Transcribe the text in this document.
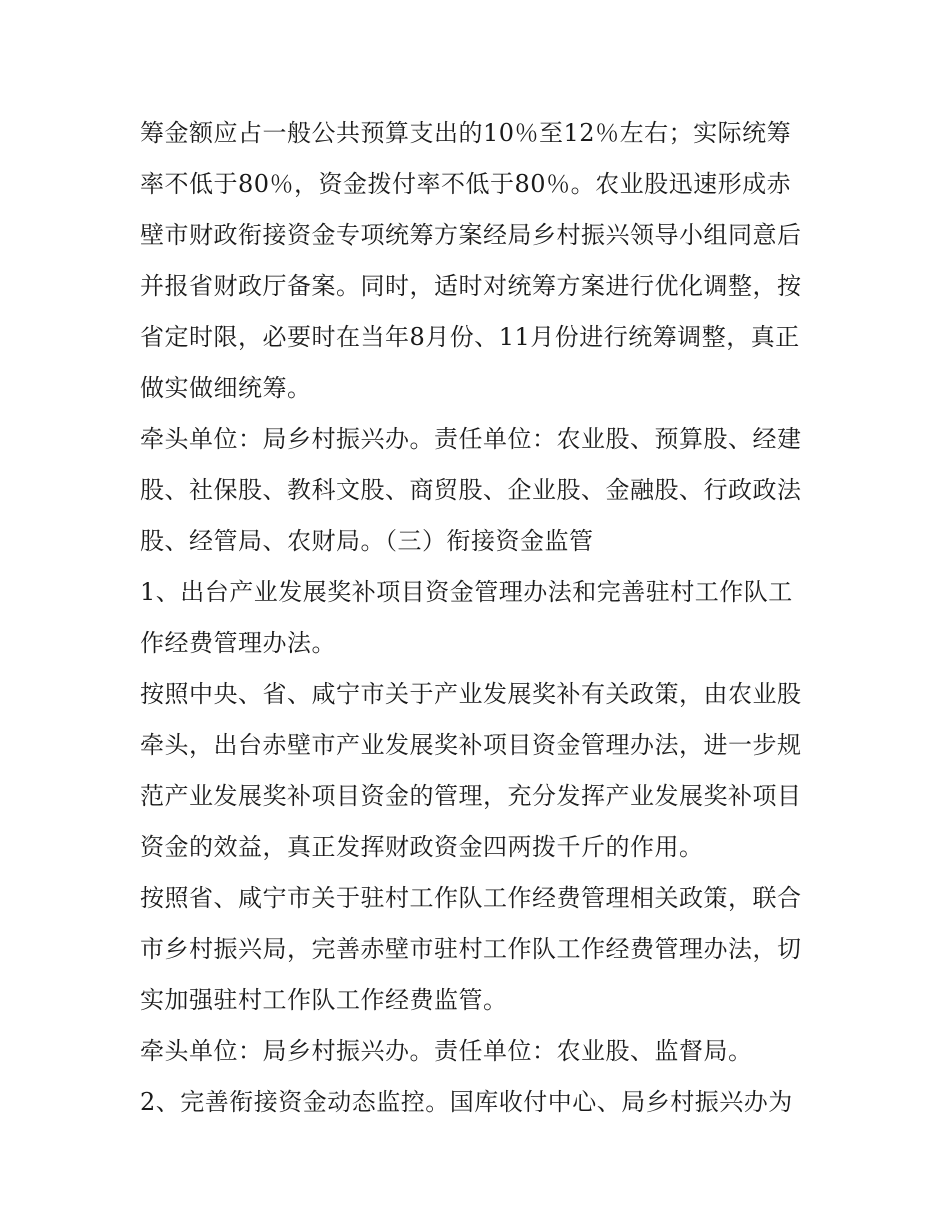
筹金额应占一般公共预算支出的10％至12％左右；实际统筹
率不低于80％，资金拨付率不低于80％。农业股迅速形成赤
壁市财政衔接资金专项统筹方案经局乡村振兴领导小组同意后
并报省财政厅备案。同时，适时对统筹方案进行优化调整，按
省定时限，必要时在当年8月份、11月份进行统筹调整，真正
做实做细统筹。
牵头单位：局乡村振兴办。责任单位：农业股、预算股、经建
股、社保股、教科文股、商贸股、企业股、金融股、行政政法
股、经管局、农财局。（三）衔接资金监管
1、出台产业发展奖补项目资金管理办法和完善驻村工作队工
作经费管理办法。
按照中央、省、咸宁市关于产业发展奖补有关政策，由农业股
牵头，出台赤壁市产业发展奖补项目资金管理办法，进一步规
范产业发展奖补项目资金的管理，充分发挥产业发展奖补项目
资金的效益，真正发挥财政资金四两拨千斤的作用。
按照省、咸宁市关于驻村工作队工作经费管理相关政策，联合
市乡村振兴局，完善赤壁市驻村工作队工作经费管理办法，切
实加强驻村工作队工作经费监管。
牵头单位：局乡村振兴办。责任单位：农业股、监督局。
2、完善衔接资金动态监控。国库收付中心、局乡村振兴办为
